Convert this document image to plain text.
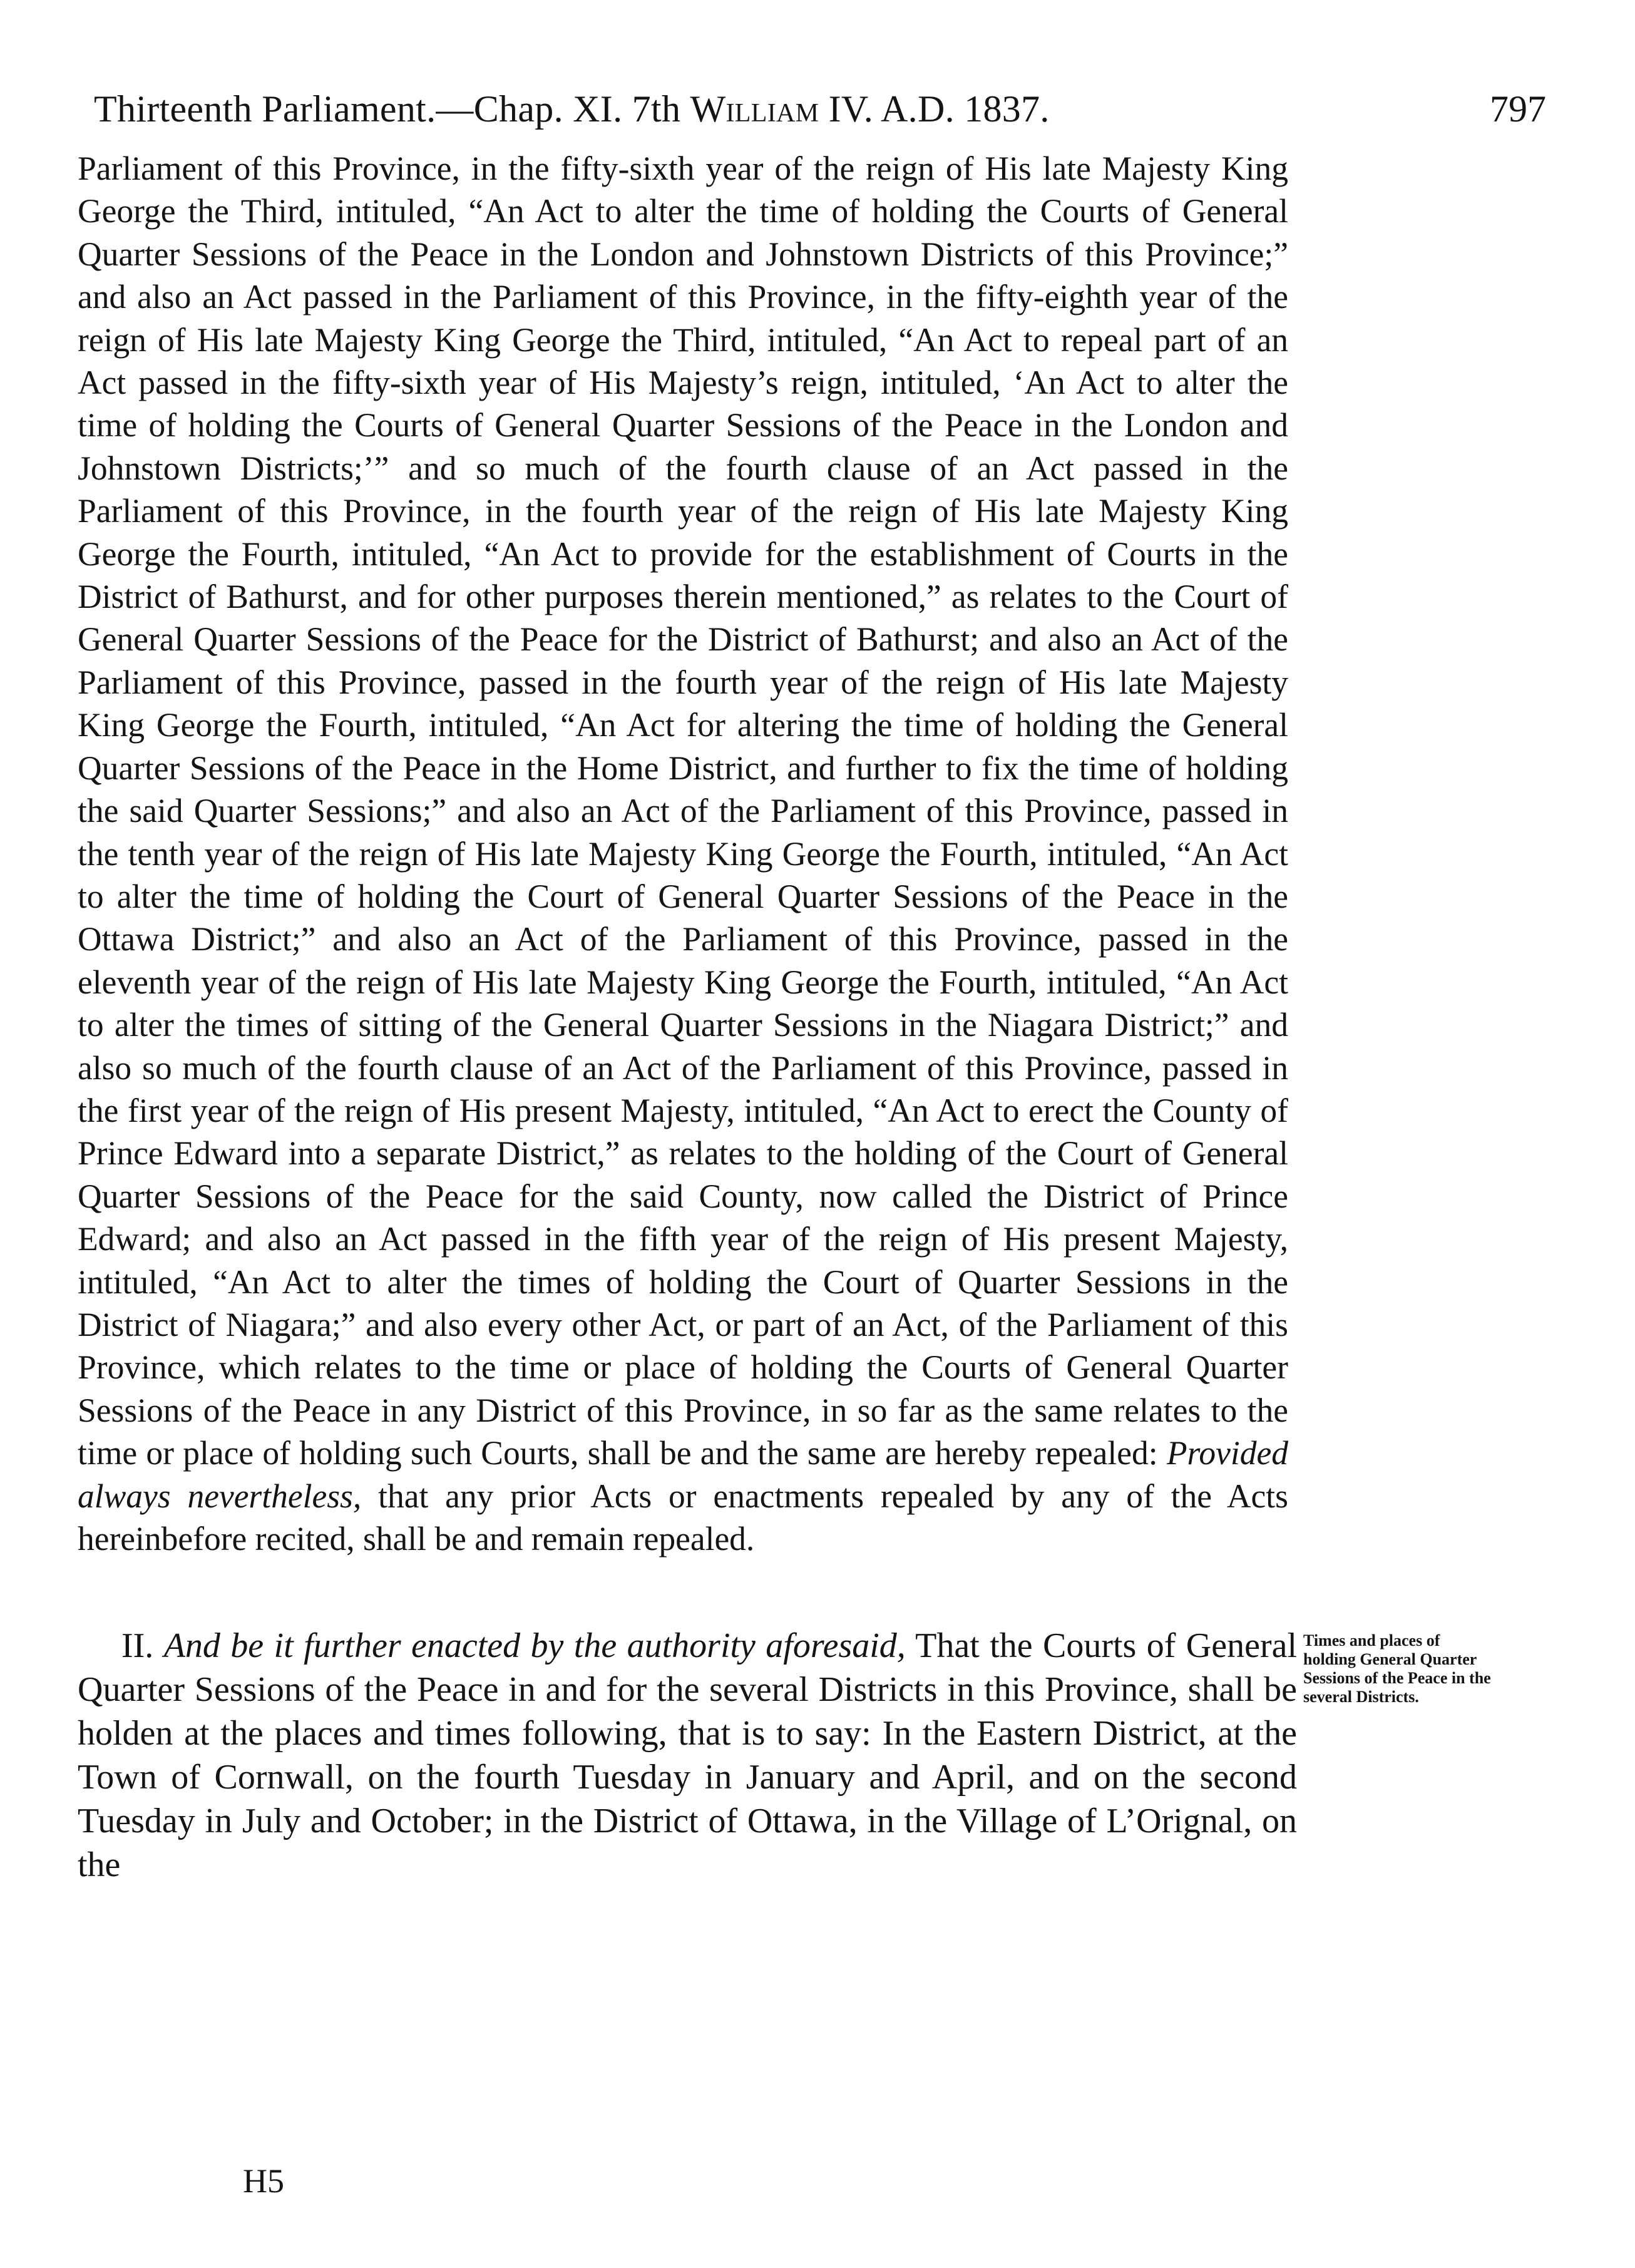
Thirteenth Parliament.—Chap. XI. 7th William IV. A.D. 1837.	797

Parliament of this Province, in the fifty-sixth year of the reign of His late Majesty King George the Third, intituled, “An Act to alter the time of holding the Courts of General Quarter Sessions of the Peace in the London and Johnstown Districts of this Province;” and also an Act passed in the Parliament of this Province, in the fifty-eighth year of the reign of His late Majesty King George the Third, intituled, “An Act to repeal part of an Act passed in the fifty-sixth year of His Majesty’s reign, intituled, ‘An Act to alter the time of holding the Courts of General Quarter Sessions of the Peace in the London and Johnstown Districts;’” and so much of the fourth clause of an Act passed in the Parliament of this Province, in the fourth year of the reign of His late Majesty King George the Fourth, intituled, “An Act to provide for the establishment of Courts in the District of Bathurst, and for other purposes therein mentioned,” as relates to the Court of General Quarter Sessions of the Peace for the District of Bathurst; and also an Act of the Parliament of this Province, passed in the fourth year of the reign of His late Majesty King George the Fourth, intituled, “An Act for altering the time of holding the General Quarter Sessions of the Peace in the Home District, and further to fix the time of holding the said Quarter Sessions;” and also an Act of the Parliament of this Province, passed in the tenth year of the reign of His late Majesty King George the Fourth, intituled, “An Act to alter the time of holding the Court of General Quarter Sessions of the Peace in the Ottawa District;” and also an Act of the Parliament of this Province, passed in the eleventh year of the reign of His late Majesty King George the Fourth, intituled, “An Act to alter the times of sitting of the General Quarter Sessions in the Niagara District;” and also so much of the fourth clause of an Act of the Parliament of this Province, passed in the first year of the reign of His present Majesty, intituled, “An Act to erect the County of Prince Edward into a separate District,” as relates to the holding of the Court of General Quarter Sessions of the Peace for the said County, now called the District of Prince Edward; and also an Act passed in the fifth year of the reign of His present Majesty, intituled, “An Act to alter the times of holding the Court of Quarter Sessions in the District of Niagara;” and also every other Act, or part of an Act, of the Parliament of this Province, which relates to the time or place of holding the Courts of General Quarter Sessions of the Peace in any District of this Province, in so far as the same relates to the time or place of holding such Courts, shall be and the same are hereby repealed: Provided always nevertheless, that any prior Acts or enactments repealed by any of the Acts hereinbefore recited, shall be and remain repealed.

II. And be it further enacted by the authority aforesaid, That the Courts of General Quarter Sessions of the Peace in and for the several Districts in this Province, shall be holden at the places and times following, that is to say: In the Eastern District, at the Town of Cornwall, on the fourth Tuesday in January and April, and on the second Tuesday in July and October; in the District of Ottawa, in the Village of L’Orignal, on the

Times and places of holding General Quarter Sessions of the Peace in the several Districts.
H5
